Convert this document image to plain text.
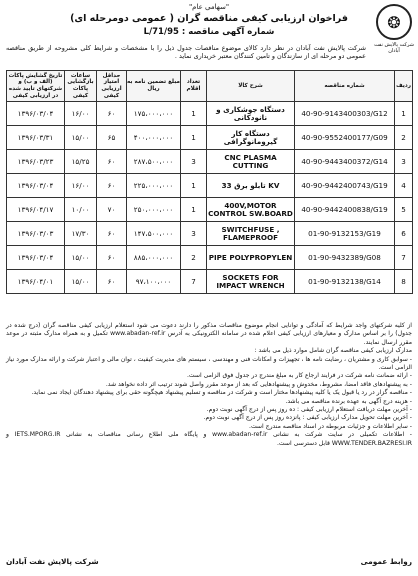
❂
شرکت پالایش نفت آبادان
"سهامی عام"
فراخوان ارزیابی کیفی مناقصه گران ( عمومی دومرحله ای)
شماره آگهی مناقصه : 95/L/71
شرکت پالایش نفت آبادان در نظر دارد کالای موضوع مناقصات جدول ذیل را با مشخصات و شرایط کلی مشروحه از طریق مناقصه عمومی دو مرحله ای از سازندگان و تامین کنندگان معتبر خریداری نماید .
ردیف	شماره مناقصه	شرح کالا	تعداد اقلام	مبلغ تضمین نامه به ریال	حداقل امتیاز ارزیابی کیفی	ساعات بازگشایی پاکات کیفی	تاریخ گشایش پاکات (الف و ب) و شرکتهای تایید شده در ارزیابی کیفی
1	40-90-9143400303/G12	دستگاه جوشکاری و نانودکانی	1	۱۷۵،۰۰۰،۰۰۰	۶۰	۱۶/۰۰	۱۳۹۶/۰۳/۰۴
2	40-90-9552400177/G09	دستگاه کار گیرومانوگرافی	1	۴۰۰،۰۰۰،۰۰۰	۶۵	۱۵/۰۰	۱۳۹۶/۰۳/۳۱
3	40-90-9443400372/G14	CNC PLASMA CUTTING	3	۲۸۷،۵۰۰،۰۰۰	۶۰	۱۵/۲۵	۱۳۹۶/۰۳/۲۳
4	40-90-9442400743/G19	تابلو برق 33 KV	1	۲۲۵،۰۰۰،۰۰۰	۶۰	۱۶/۰۰	۱۳۹۶/۰۳/۰۴
5	40-90-9442400838/G19	400V,MOTOR CONTROL SW.BOARD	1	۲۵۰،۰۰۰،۰۰۰	۷۰	۱۰/۰۰	۱۳۹۶/۰۴/۱۷
6	01-90-9132153/G19	SWITCHFUSE , FLAMEPROOF	3	۱۴۷،۵۰۰،۰۰۰	۶۰	۱۷/۳۰	۱۳۹۶/۰۳/۰۳
7	01-90-9432389/G08	PIPE POLYPROPYLEN	2	۸۸۵،۰۰۰،۰۰۰	۶۰	۱۵/۰۰	۱۳۹۶/۰۳/۰۴
8	01-90-9132138/G14	SOCKETS FOR IMPACT WRENCH	7	۹۷،۱۰۰،۰۰۰	۶۰	۱۵/۰۰	۱۳۹۶/۰۴/۰۱

از کلیه شرکتهای واجد شرایط که آمادگی و توانایی انجام موضوع مناقصات مذکور را دارند دعوت می شود استعلام ارزیابی کیفی مناقصه گران (درج شده در جدول) را بر اساس مدارک و معیارهای ارزیابی کیفی اعلام شده در سامانه الکترونیکی به آدرس www.abadan-ref.ir تکمیل و به همراه مدارک مثبته در موعد مقرر ارسال نمایند.

مدارک ارزیابی کیفی مناقصه گران شامل موارد ذیل می باشد :

- سوابق کاری و مشتریان ، رضایت نامه ها ، تجهیزات و امکانات فنی و مهندسی ، سیستم های مدیریت کیفیت ، توان مالی و اعتبار شرکت و ارائه مدارک مورد نیاز الزامی است.

- ارائه ضمانت نامه شرکت در فرایند ارجاع کار به مبلغ مندرج در جدول فوق الزامی است.

- به پیشنهادهای فاقد امضا، مشروط، مخدوش و پیشنهادهایی که بعد از موعد مقرر واصل شوند ترتیب اثر داده نخواهد شد.

- مناقصه گزار در رد یا قبول یک یا کلیه پیشنهادها مختار است و شرکت در مناقصه و تسلیم پیشنهاد هیچگونه حقی برای پیشنهاد دهندگان ایجاد نمی نماید.

- هزینه درج آگهی به عهده برنده مناقصه می باشد.

- آخرین مهلت دریافت استعلام ارزیابی کیفی : ده روز پس از درج آگهی نوبت دوم.

- آخرین مهلت تحویل مدارک ارزیابی کیفی : پانزده روز پس از درج آگهی نوبت دوم.

- سایر اطلاعات و جزئیات مربوطه در اسناد مناقصه مندرج است.

- اطلاعات تکمیلی در سایت شرکت به نشانی www.abadan-ref.ir و پایگاه ملی اطلاع رسانی مناقصات به نشانی IETS.MPORG.IR و WWW.TENDER.BAZRESI.IR قابل دسترسی است.

روابط عمومی
شرکت پالایش نفت آبادان
